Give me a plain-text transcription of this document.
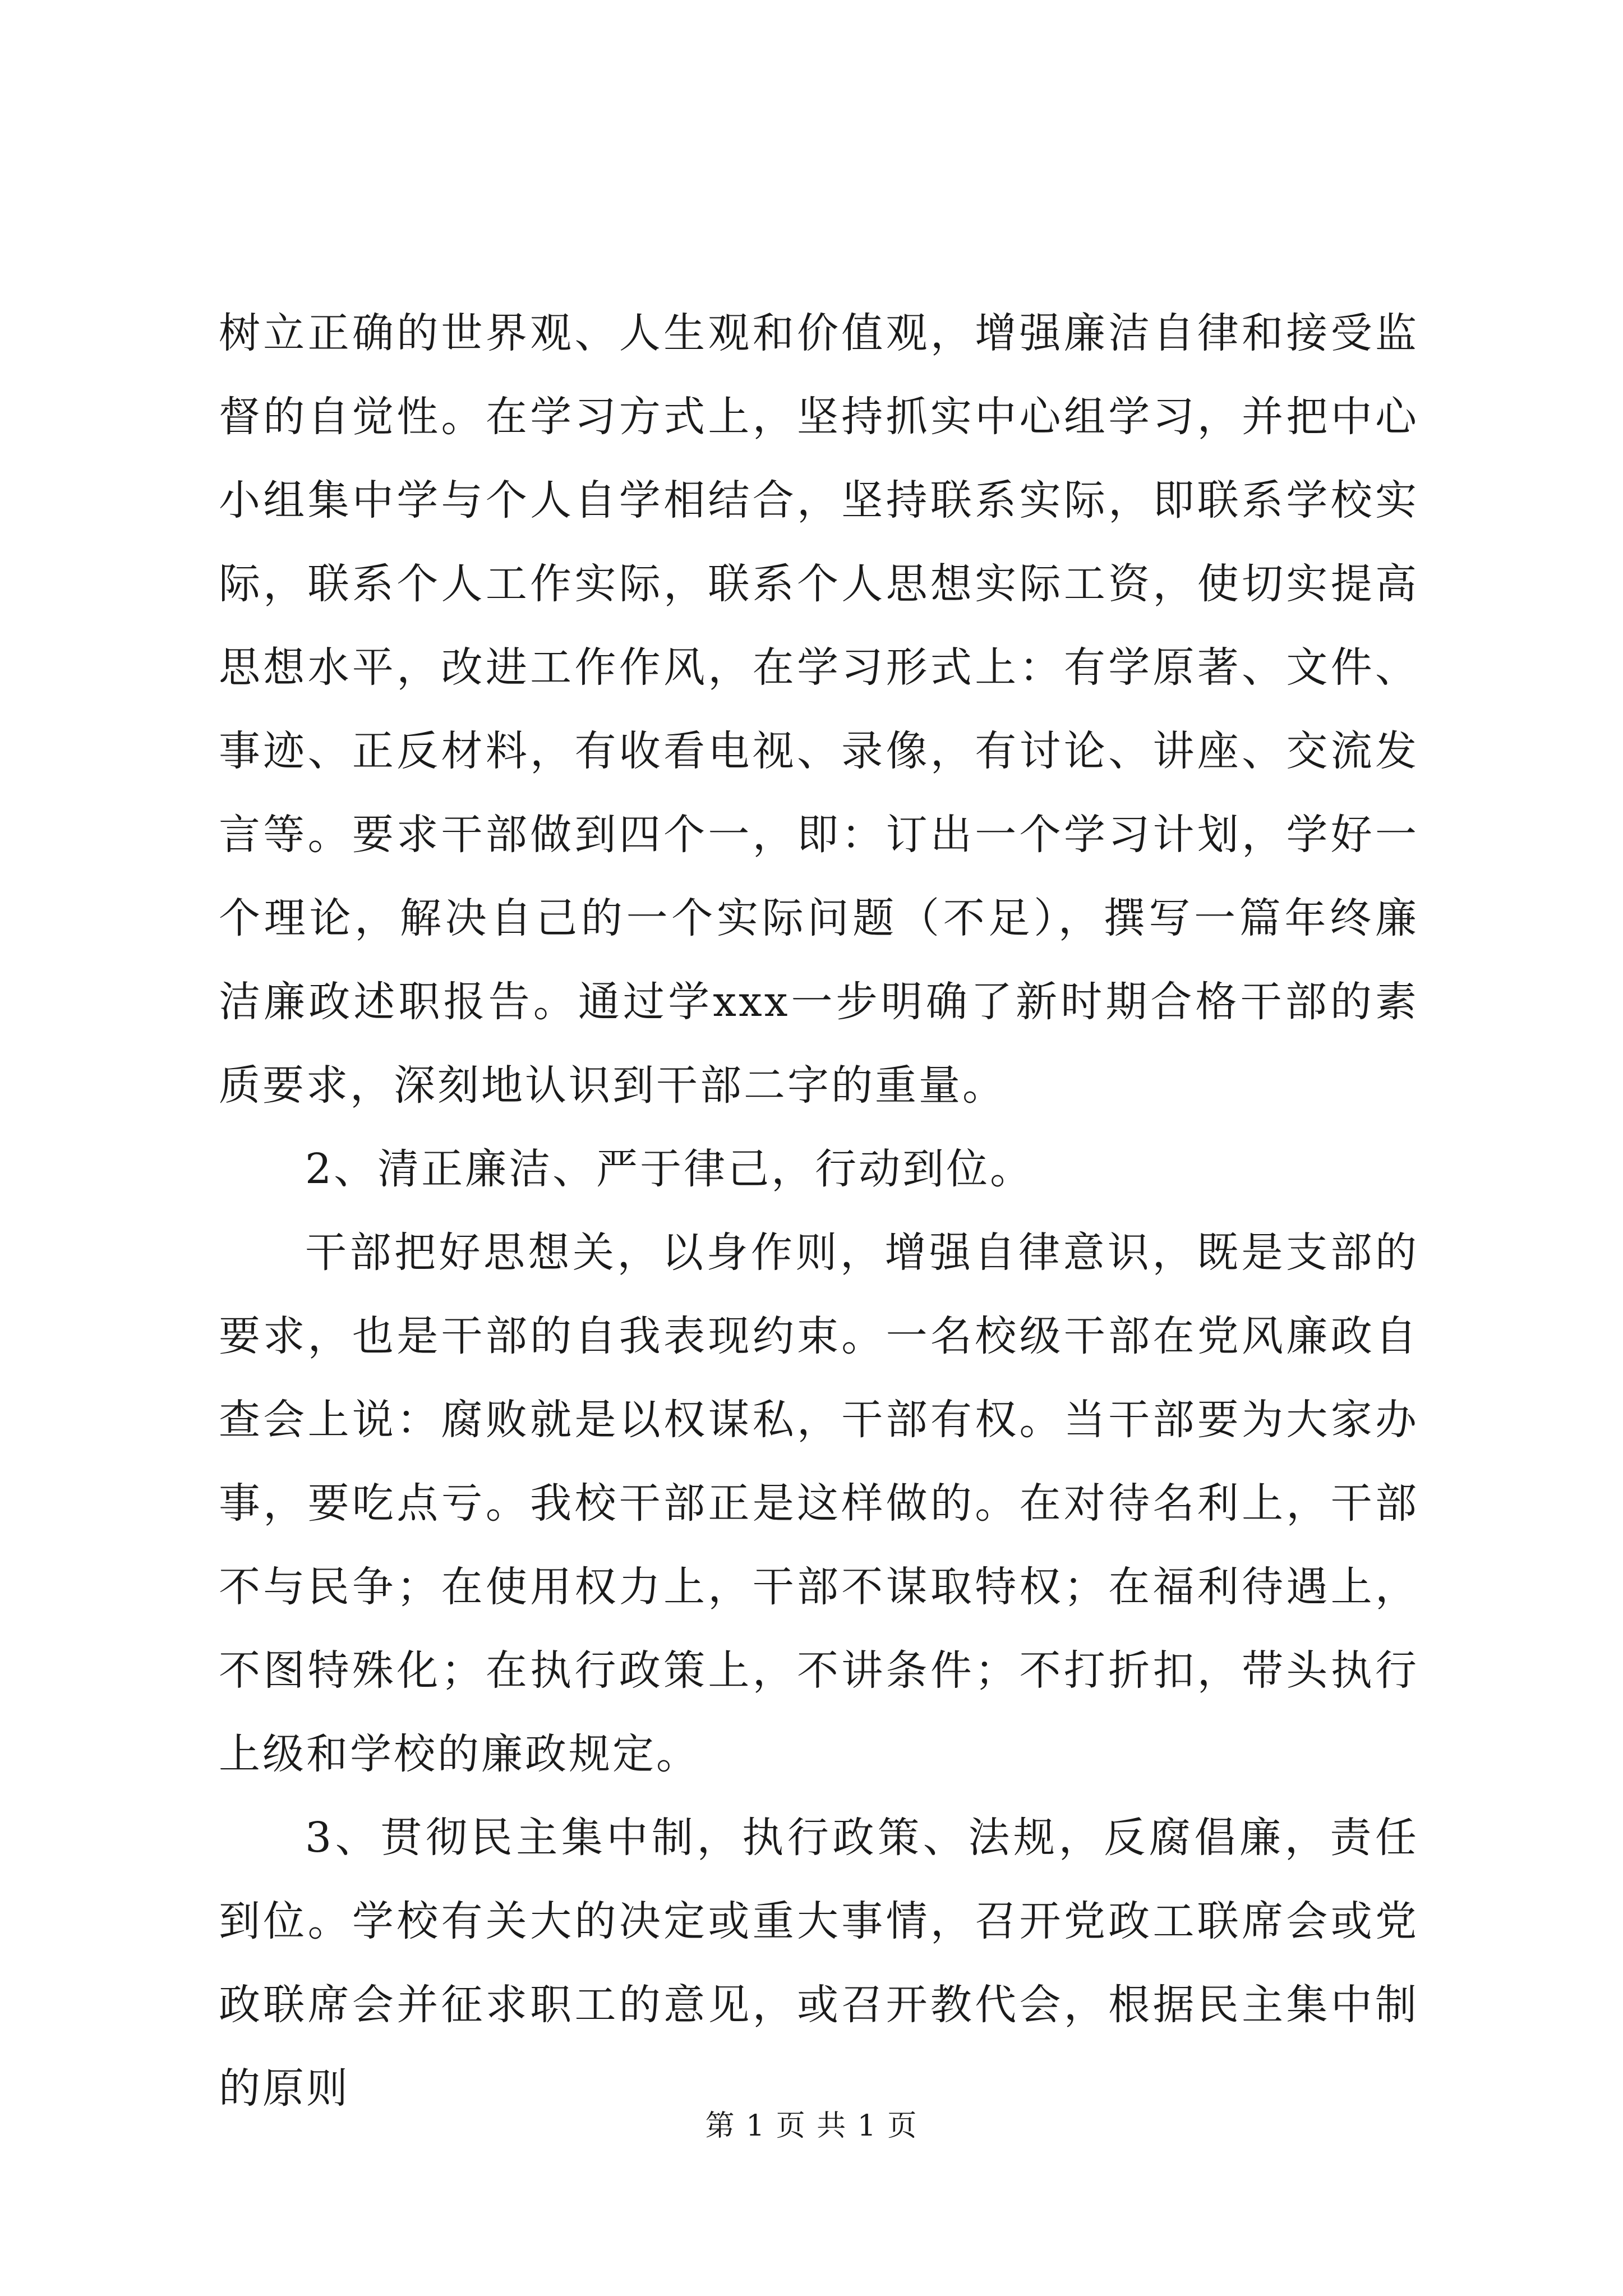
树立正确的世界观、人生观和价值观，增强廉洁自律和接受监督的自觉性。在学习方式上，坚持抓实中心组学习，并把中心小组集中学与个人自学相结合，坚持联系实际，即联系学校实际，联系个人工作实际，联系个人思想实际工资，使切实提高思想水平，改进工作作风，在学习形式上：有学原著、文件、事迹、正反材料，有收看电视、录像，有讨论、讲座、交流发言等。要求干部做到四个一，即：订出一个学习计划，学好一个理论，解决自己的一个实际问题（不足），撰写一篇年终廉洁廉政述职报告。通过学xxx一步明确了新时期合格干部的素质要求，深刻地认识到干部二字的重量。

2、清正廉洁、严于律己，行动到位。

干部把好思想关，以身作则，增强自律意识，既是支部的要求，也是干部的自我表现约束。一名校级干部在党风廉政自查会上说：腐败就是以权谋私，干部有权。当干部要为大家办事，要吃点亏。我校干部正是这样做的。在对待名利上，干部不与民争；在使用权力上，干部不谋取特权；在福利待遇上，不图特殊化；在执行政策上，不讲条件；不打折扣，带头执行上级和学校的廉政规定。

3、贯彻民主集中制，执行政策、法规，反腐倡廉，责任到位。学校有关大的决定或重大事情，召开党政工联席会或党政联席会并征求职工的意见，或召开教代会，根据民主集中制的原则

第 1 页 共 1 页
